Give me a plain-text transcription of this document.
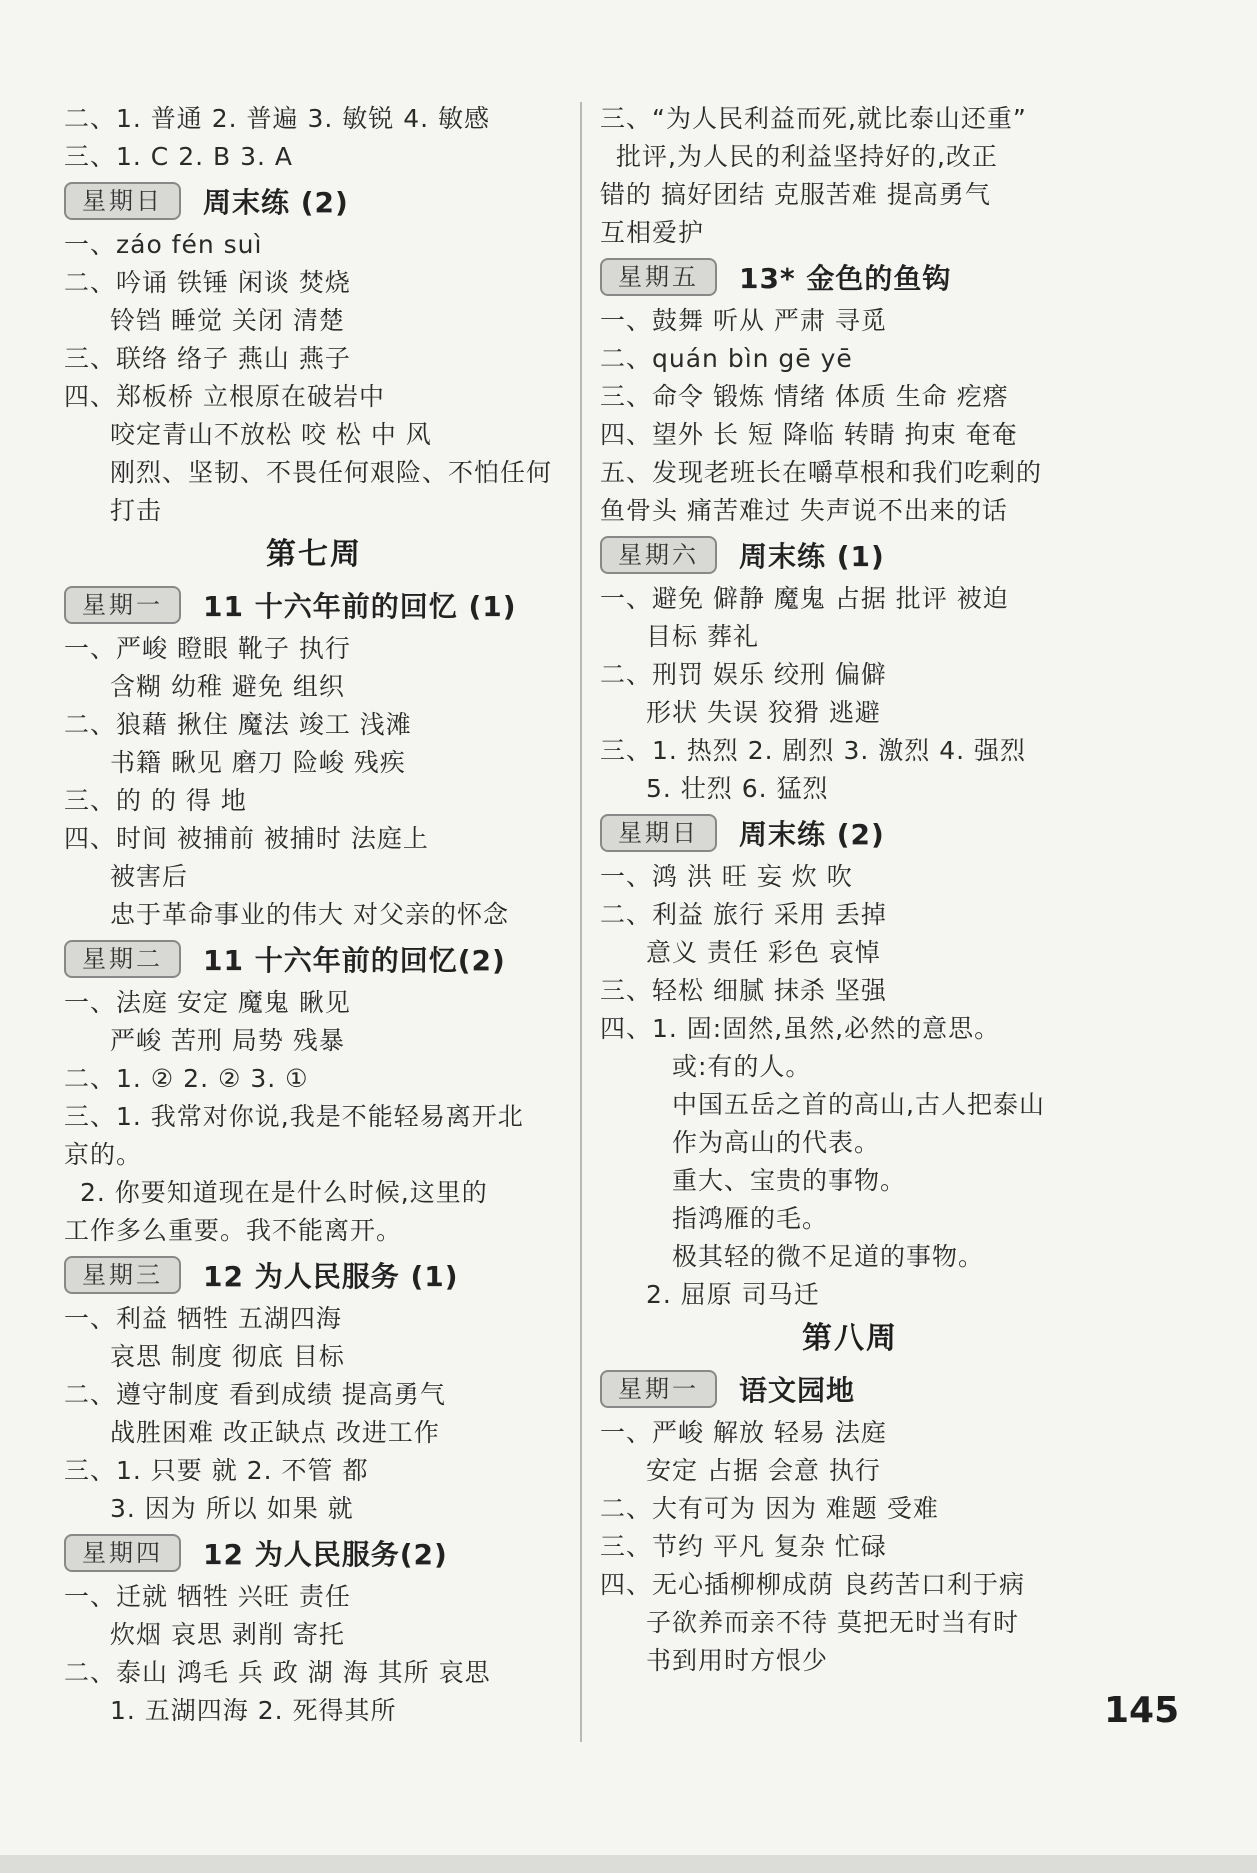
二、1. 普通 2. 普遍 3. 敏锐 4. 敏感
三、1. C 2. B 3. A
星期日	周末练 (2)
一、záo fén suì
二、吟诵 铁锤 闲谈 焚烧
铃铛 睡觉 关闭 清楚
三、联络 络子 燕山 燕子
四、郑板桥 立根原在破岩中
咬定青山不放松 咬 松 中 风
刚烈、坚韧、不畏任何艰险、不怕任何
打击
第七周
星期一	11 十六年前的回忆 (1)
一、严峻 瞪眼 靴子 执行
含糊 幼稚 避免 组织
二、狼藉 揪住 魔法 竣工 浅滩
书籍 瞅见 磨刀 险峻 残疾
三、的 的 得 地
四、时间 被捕前 被捕时 法庭上
被害后
忠于革命事业的伟大 对父亲的怀念
星期二	11 十六年前的回忆(2)
一、法庭 安定 魔鬼 瞅见
严峻 苦刑 局势 残暴
二、1. ② 2. ② 3. ①
三、1. 我常对你说,我是不能轻易离开北
京的。
2. 你要知道现在是什么时候,这里的
工作多么重要。我不能离开。
星期三	12 为人民服务 (1)
一、利益 牺牲 五湖四海
哀思 制度 彻底 目标
二、遵守制度 看到成绩 提高勇气
战胜困难 改正缺点 改进工作
三、1. 只要 就 2. 不管 都
3. 因为 所以 如果 就
星期四	12 为人民服务(2)
一、迁就 牺牲 兴旺 责任
炊烟 哀思 剥削 寄托
二、泰山 鸿毛 兵 政 湖 海 其所 哀思
1. 五湖四海 2. 死得其所
三、“为人民利益而死,就比泰山还重”
批评,为人民的利益坚持好的,改正
错的 搞好团结 克服苦难 提高勇气
互相爱护
星期五	13* 金色的鱼钩
一、鼓舞 听从 严肃 寻觅
二、quán bìn gē yē
三、命令 锻炼 情绪 体质 生命 疙瘩
四、望外 长 短 降临 转睛 拘束 奄奄
五、发现老班长在嚼草根和我们吃剩的
鱼骨头 痛苦难过 失声说不出来的话
星期六	周末练 (1)
一、避免 僻静 魔鬼 占据 批评 被迫
目标 葬礼
二、刑罚 娱乐 绞刑 偏僻
形状 失误 狡猾 逃避
三、1. 热烈 2. 剧烈 3. 激烈 4. 强烈
5. 壮烈 6. 猛烈
星期日	周末练 (2)
一、鸿 洪 旺 妄 炊 吹
二、利益 旅行 采用 丢掉
意义 责任 彩色 哀悼
三、轻松 细腻 抹杀 坚强
四、1. 固:固然,虽然,必然的意思。
或:有的人。
中国五岳之首的高山,古人把泰山
作为高山的代表。
重大、宝贵的事物。
指鸿雁的毛。
极其轻的微不足道的事物。
2. 屈原 司马迁
第八周
星期一	语文园地
一、严峻 解放 轻易 法庭
安定 占据 会意 执行
二、大有可为 因为 难题 受难
三、节约 平凡 复杂 忙碌
四、无心插柳柳成荫 良药苦口利于病
子欲养而亲不待 莫把无时当有时
书到用时方恨少
145
